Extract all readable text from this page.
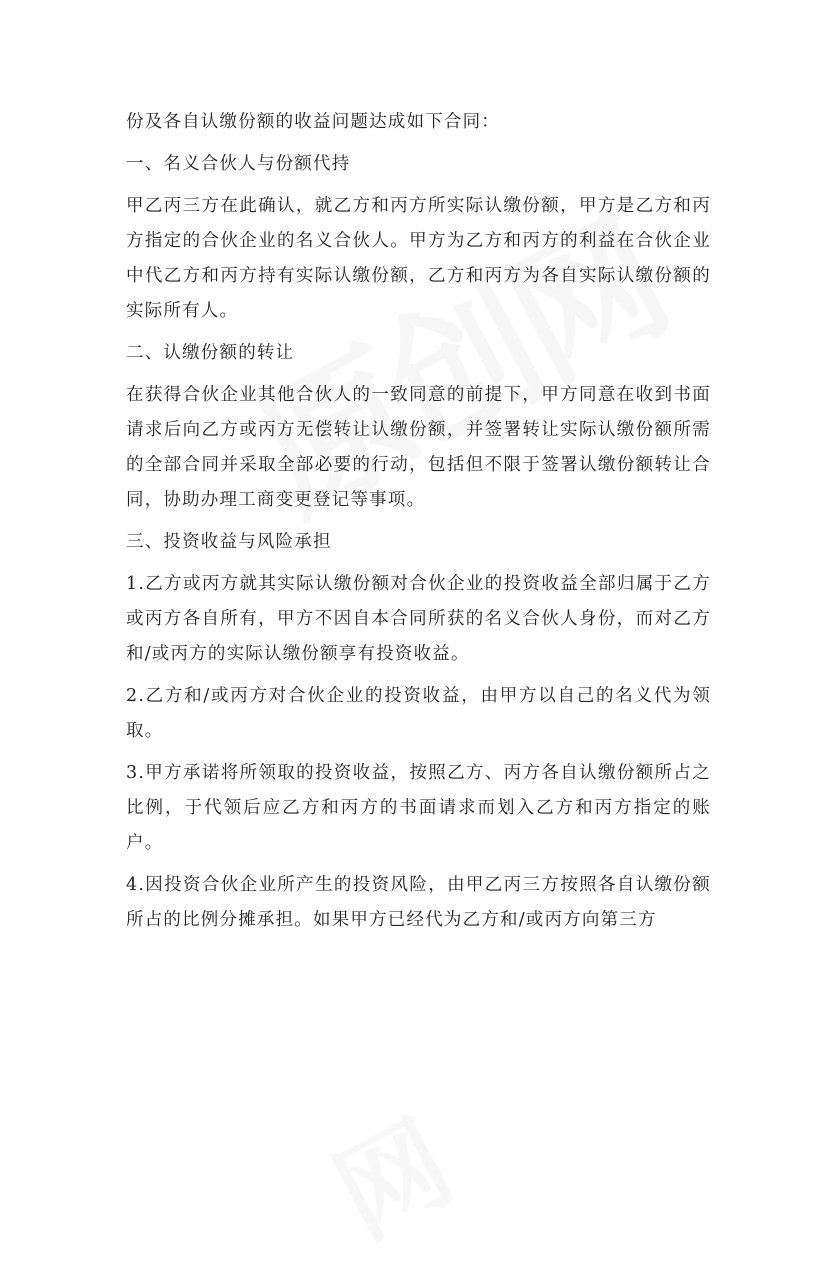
份及各自认缴份额的收益问题达成如下合同：

一、名义合伙人与份额代持

甲乙丙三方在此确认，就乙方和丙方所实际认缴份额，甲方是乙方和丙方指定的合伙企业的名义合伙人。甲方为乙方和丙方的利益在合伙企业中代乙方和丙方持有实际认缴份额，乙方和丙方为各自实际认缴份额的实际所有人。

二、认缴份额的转让

在获得合伙企业其他合伙人的一致同意的前提下，甲方同意在收到书面请求后向乙方或丙方无偿转让认缴份额，并签署转让实际认缴份额所需的全部合同并采取全部必要的行动，包括但不限于签署认缴份额转让合同，协助办理工商变更登记等事项。

三、投资收益与风险承担

1.乙方或丙方就其实际认缴份额对合伙企业的投资收益全部归属于乙方或丙方各自所有，甲方不因自本合同所获的名义合伙人身份，而对乙方和/或丙方的实际认缴份额享有投资收益。

2.乙方和/或丙方对合伙企业的投资收益，由甲方以自己的名义代为领取。

3.甲方承诺将所领取的投资收益，按照乙方、丙方各自认缴份额所占之比例，于代领后应乙方和丙方的书面请求而划入乙方和丙方指定的账户。

4.因投资合伙企业所产生的投资风险，由甲乙丙三方按照各自认缴份额所占的比例分摊承担。如果甲方已经代为乙方和/或丙方向第三方
